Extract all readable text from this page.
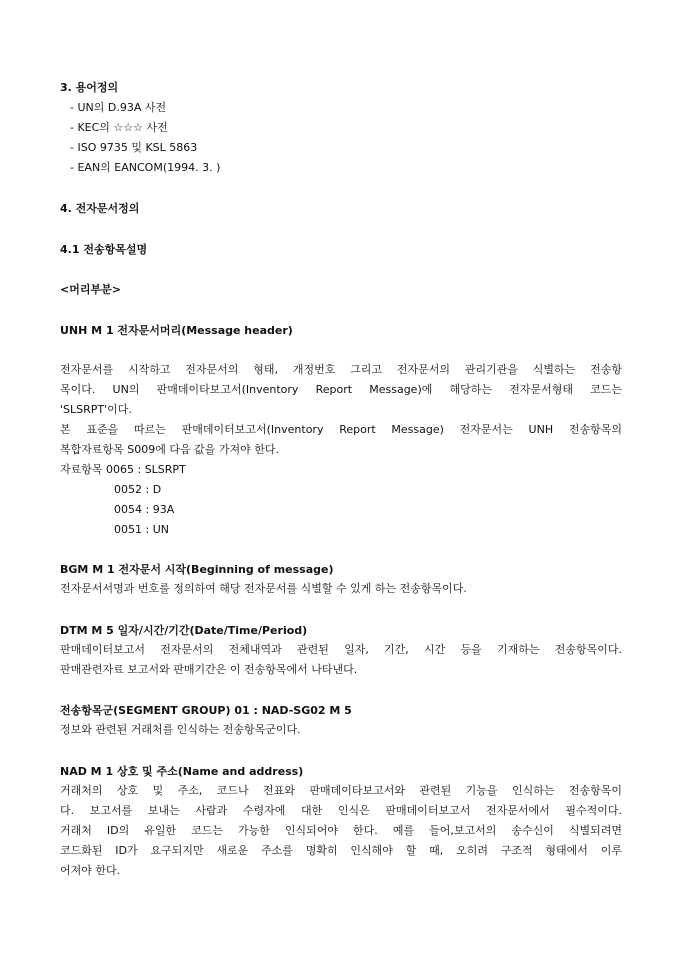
3. 용어정의
- UN의 D.93A 사전
- KEC의 ☆☆☆ 사전
- ISO 9735 및 KSL 5863
- EAN의 EANCOM(1994. 3. )
4. 전자문서정의
4.1 전송항목설명
<머리부분>
UNH M 1 전자문서머리(Message header)
전자문서를 시작하고 전자문서의 형태, 개정번호 그리고 전자문서의 관리기관을 식별하는 전송항
목이다. UN의 판매데이타보고서(Inventory Report Message)에 해당하는 전자문서형태 코드는
'SLSRPT'이다.
본 표준을 따르는 판매데이터보고서(Inventory Report Message) 전자문서는 UNH 전송항목의
복합자료항목 S009에 다음 값을 가져야 한다.
자료항목 0065 : SLSRPT
0052 : D
0054 : 93A
0051 : UN
BGM M 1 전자문서 시작(Beginning of message)
전자문서서명과 번호를 정의하여 해당 전자문서를 식별할 수 있게 하는 전송항목이다.
DTM M 5 일자/시간/기간(Date/Time/Period)
판매데이터보고서 전자문서의 전체내역과 관련된 일자, 기간, 시간 등을 기재하는 전송항목이다.
판매관련자료 보고서와 판매기간은 이 전송항목에서 나타낸다.
전송항목군(SEGMENT GROUP) 01 : NAD-SG02 M 5
정보와 관련된 거래처를 인식하는 전송항목군이다.
NAD M 1 상호 및 주소(Name and address)
거래처의 상호 및 주소, 코드나 전표와 판매데이타보고서와 관련된 기능을 인식하는 전송항목이
다. 보고서를 보내는 사람과 수령자에 대한 인식은 판매데이터보고서 전자문서에서 필수적이다.
거래처 ID의 유일한 코드는 가능한 인식되어야 한다. 예를 들어,보고서의 송수신이 식별되려면
코드화된 ID가 요구되지만 새로운 주소를 명확히 인식해야 할 때, 오히려 구조적 형태에서 이루
어져야 한다.
